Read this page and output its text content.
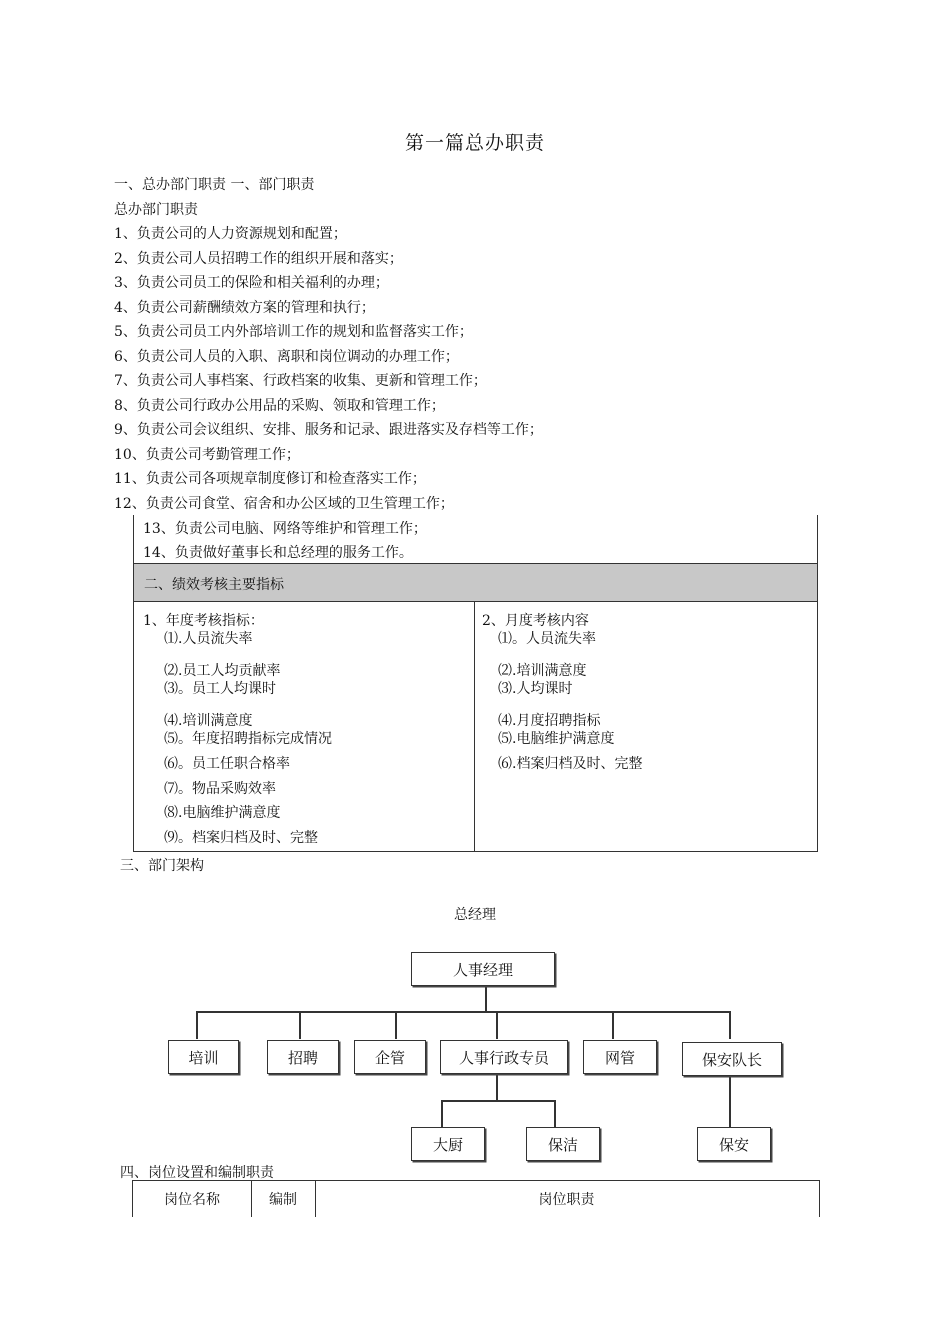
第一篇总办职责
一、总办部门职责 一、部门职责
总办部门职责
1、负责公司的人力资源规划和配置；
2、负责公司人员招聘工作的组织开展和落实；
3、负责公司员工的保险和相关福利的办理；
4、负责公司薪酬绩效方案的管理和执行；
5、负责公司员工内外部培训工作的规划和监督落实工作；
6、负责公司人员的入职、离职和岗位调动的办理工作；
7、负责公司人事档案、行政档案的收集、更新和管理工作；
8、负责公司行政办公用品的采购、领取和管理工作；
9、负责公司会议组织、安排、服务和记录、跟进落实及存档等工作；
10、负责公司考勤管理工作；
11、负责公司各项规章制度修订和检查落实工作；
12、负责公司食堂、宿舍和办公区域的卫生管理工作；
13、负责公司电脑、网络等维护和管理工作；
14、负责做好董事长和总经理的服务工作。
二、绩效考核主要指标
1、年度考核指标：
⑴.人员流失率
⑵.员工人均贡献率
⑶。员工人均课时
⑷.培训满意度
⑸。年度招聘指标完成情况
⑹。员工任职合格率
⑺。物品采购效率
⑻.电脑维护满意度
⑼。档案归档及时、完整
2、月度考核内容
⑴。人员流失率
⑵.培训满意度
⑶.人均课时
⑷.月度招聘指标
⑸.电脑维护满意度
⑹.档案归档及时、完整
三、部门架构
总经理
人事经理
培训	招聘	企管	人事行政专员	网管	保安队长
大厨	保洁	保安
四、岗位设置和编制职责
岗位名称	编制	岗位职责
